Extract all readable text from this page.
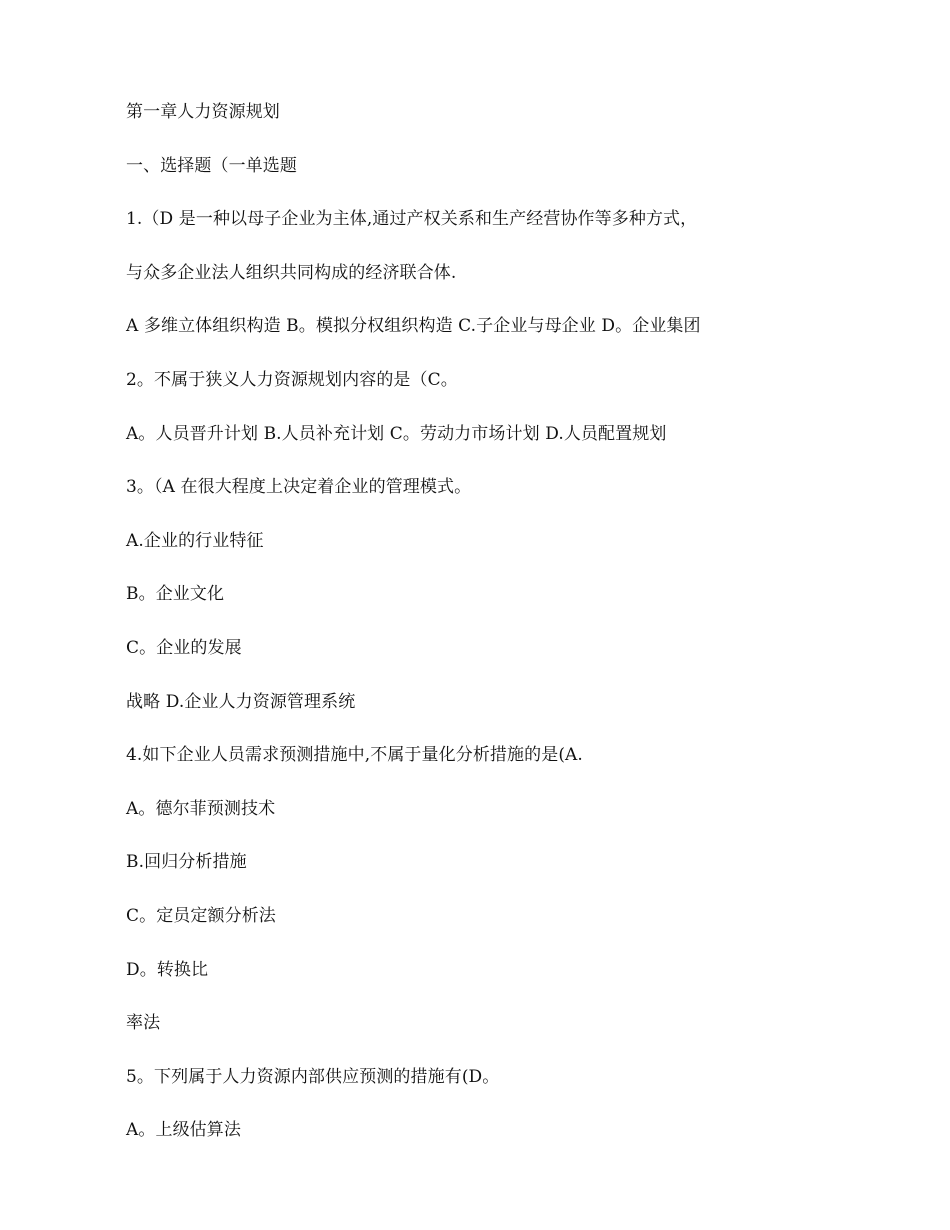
第一章人力资源规划
一、选择题（一单选题
1.（D 是一种以母子企业为主体,通过产权关系和生产经营协作等多种方式，
与众多企业法人组织共同构成的经济联合体.
A 多维立体组织构造 B。模拟分权组织构造 C.子企业与母企业 D。企业集团
2。不属于狭义人力资源规划内容的是（C。
A。人员晋升计划 B.人员补充计划 C。劳动力市场计划 D.人员配置规划
3。（A 在很大程度上决定着企业的管理模式。
A.企业的行业特征
B。企业文化
C。企业的发展
战略 D.企业人力资源管理系统
4.如下企业人员需求预测措施中,不属于量化分析措施的是(A.
A。德尔菲预测技术
B.回归分析措施
C。定员定额分析法
D。转换比
率法
5。下列属于人力资源内部供应预测的措施有(D。
A。上级估算法
